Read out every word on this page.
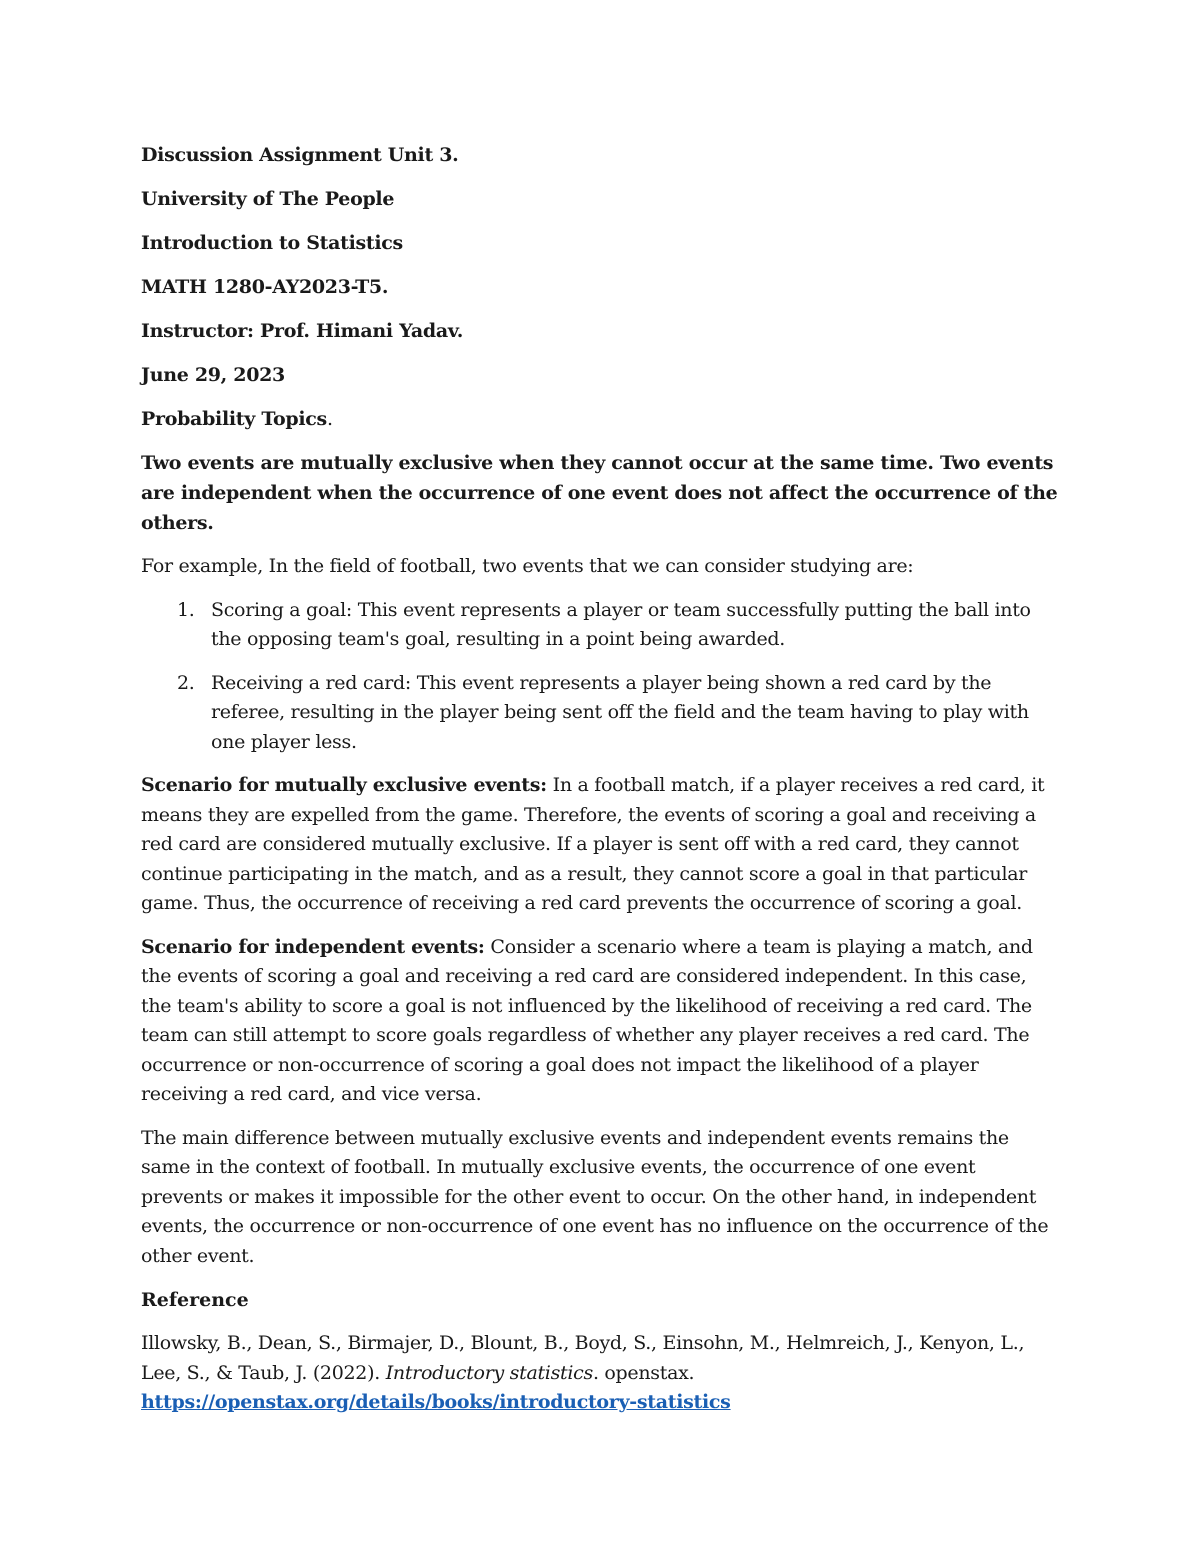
Discussion Assignment Unit 3.

University of The People

Introduction to Statistics

MATH 1280-AY2023-T5.

Instructor: Prof. Himani Yadav.

June 29, 2023

Probability Topics.

Two events are mutually exclusive when they cannot occur at the same time. Two events are independent when the occurrence of one event does not affect the occurrence of the others.

For example, In the field of football, two events that we can consider studying are:

1. Scoring a goal: This event represents a player or team successfully putting the ball into the opposing team's goal, resulting in a point being awarded.
2. Receiving a red card: This event represents a player being shown a red card by the referee, resulting in the player being sent off the field and the team having to play with one player less.

Scenario for mutually exclusive events: In a football match, if a player receives a red card, it means they are expelled from the game. Therefore, the events of scoring a goal and receiving a red card are considered mutually exclusive. If a player is sent off with a red card, they cannot continue participating in the match, and as a result, they cannot score a goal in that particular game. Thus, the occurrence of receiving a red card prevents the occurrence of scoring a goal.

Scenario for independent events: Consider a scenario where a team is playing a match, and the events of scoring a goal and receiving a red card are considered independent. In this case, the team's ability to score a goal is not influenced by the likelihood of receiving a red card. The team can still attempt to score goals regardless of whether any player receives a red card. The occurrence or non-occurrence of scoring a goal does not impact the likelihood of a player receiving a red card, and vice versa.

The main difference between mutually exclusive events and independent events remains the same in the context of football. In mutually exclusive events, the occurrence of one event prevents or makes it impossible for the other event to occur. On the other hand, in independent events, the occurrence or non-occurrence of one event has no influence on the occurrence of the other event.

Reference

Illowsky, B., Dean, S., Birmajer, D., Blount, B., Boyd, S., Einsohn, M., Helmreich, J., Kenyon, L., Lee, S., & Taub, J. (2022). Introductory statistics. openstax. https://openstax.org/details/books/introductory-statistics
